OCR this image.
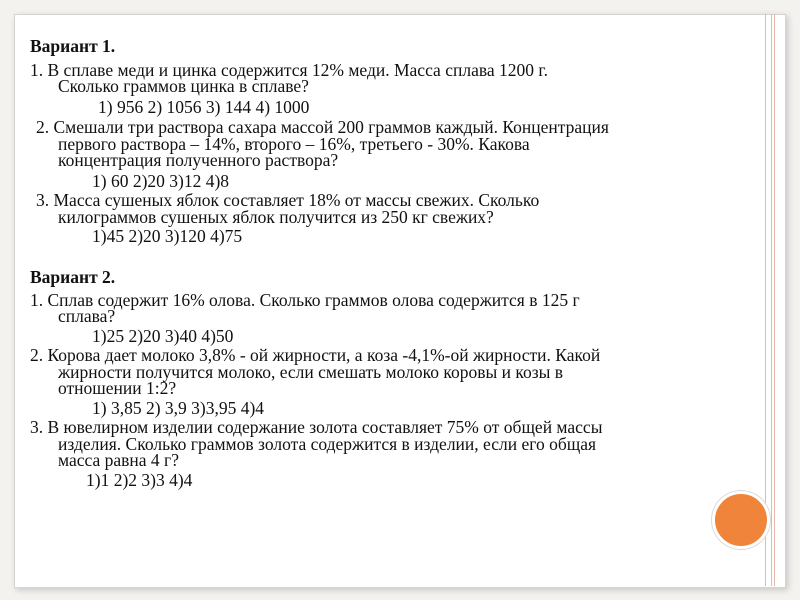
Вариант 1.
1. В сплаве меди и цинка содержится 12% меди. Масса сплава 1200 г.
Сколько граммов цинка в сплаве?
1) 956 2) 1056 3) 144 4) 1000
2. Смешали три раствора сахара массой 200 граммов каждый. Концентрация
первого раствора – 14%, второго – 16%, третьего - 30%. Какова
концентрация полученного раствора?
1) 60 2)20 3)12 4)8
3. Масса сушеных яблок составляет 18% от массы свежих. Сколько
килограммов сушеных яблок получится из 250 кг свежих?
1)45 2)20 3)120 4)75
Вариант 2.
1. Сплав содержит 16% олова. Сколько граммов олова содержится в 125 г
сплава?
1)25 2)20 3)40 4)50
2. Корова дает молоко 3,8% - ой жирности, а коза -4,1%-ой жирности. Какой
жирности получится молоко, если смешать молоко коровы и козы в
отношении 1:2?
1) 3,85 2) 3,9 3)3,95 4)4
3. В ювелирном изделии содержание золота составляет 75% от общей массы
изделия. Сколько граммов золота содержится в изделии, если его общая
масса равна 4 г?
1)1 2)2 3)3 4)4
